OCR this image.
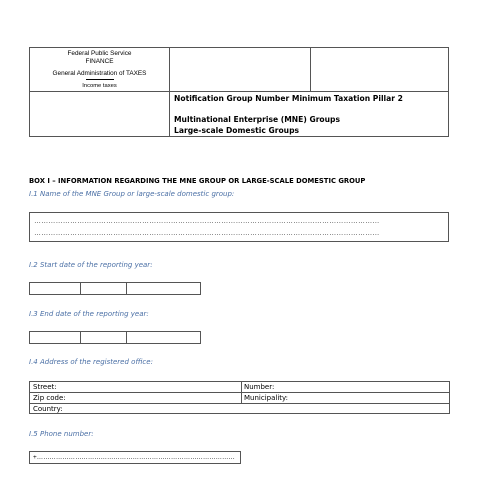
Federal Public Service
FINANCE
General Administration of TAXES
Income taxes
Notification Group Number Minimum Taxation Pillar 2
Multinational Enterprise (MNE) Groups
Large-scale Domestic Groups
BOX I – INFORMATION REGARDING THE MNE GROUP OR LARGE-SCALE DOMESTIC GROUP
I.1 Name of the MNE Group or large-scale domestic group:
………………………………………………………………………………………………………………………………
………………………………………………………………………………………………………………………………
I.2 Start date of the reporting year:
I.3 End date of the reporting year:
I.4 Address of the registered office:
Street:	Number:
Zip code:	Municipality:
Country:
I.5 Phone number:
+…………………………………………………………………………………
